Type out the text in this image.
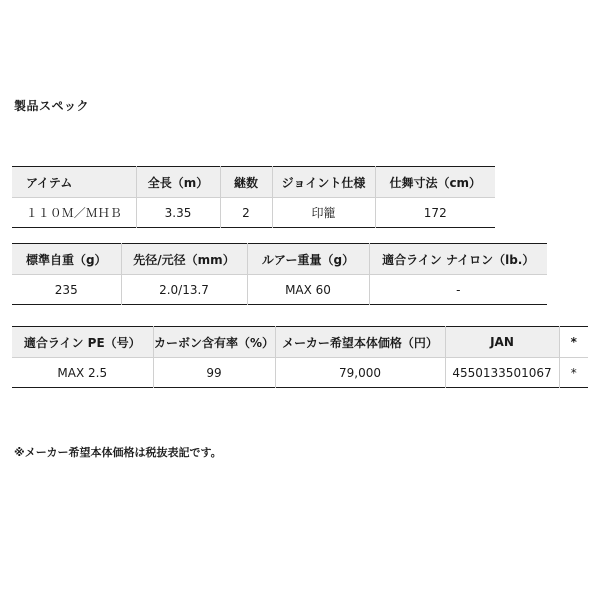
製品スペック
アイテム	全長（m）	継数	ジョイント仕様	仕舞寸法（cm）
１１０Ｍ／ＭＨＢ	3.35	2	印籠	172
標準自重（g）	先径/元径（mm）	ルアー重量（g）	適合ライン ナイロン（lb.）
235	2.0/13.7	MAX 60	-
適合ライン PE（号）	カーボン含有率（%）	メーカー希望本体価格（円）	JAN	*
MAX 2.5	99	79,000	4550133501067	*
※メーカー希望本体価格は税抜表記です。
